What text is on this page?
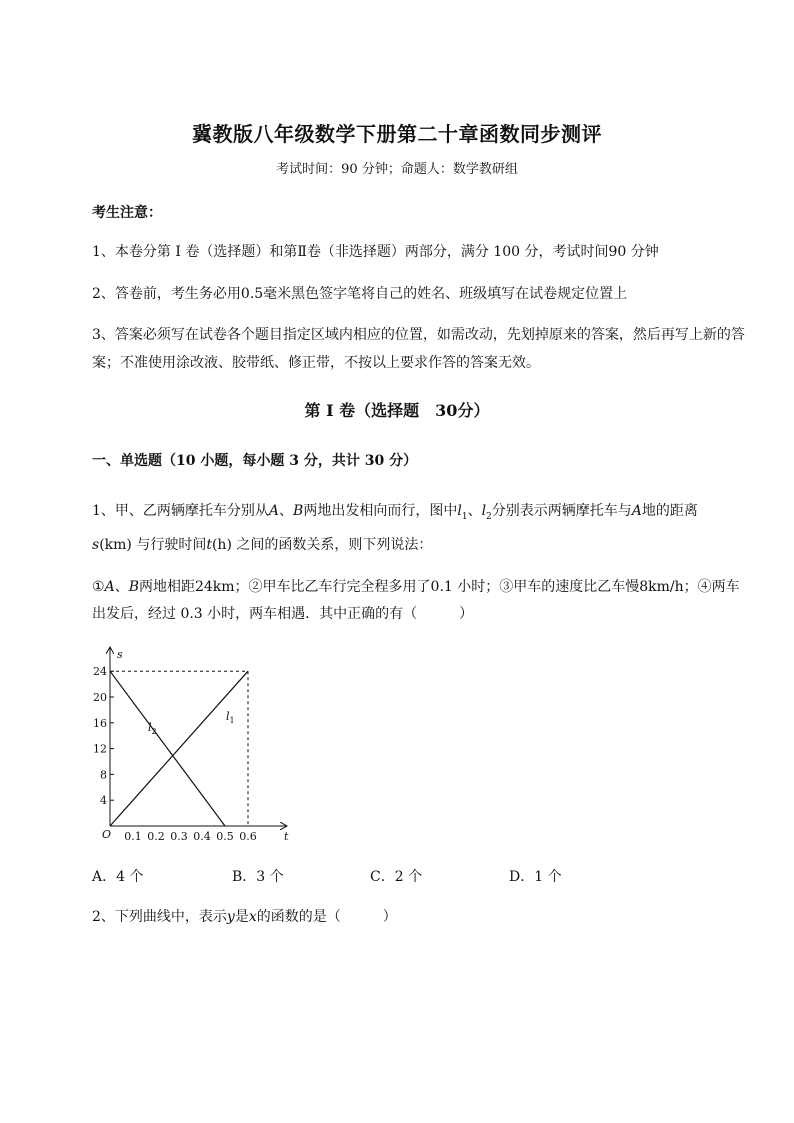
冀教版八年级数学下册第二十章函数同步测评
考试时间：90 分钟；命题人：数学教研组
考生注意：
1、本卷分第 I 卷（选择题）和第Ⅱ卷（非选择题）两部分，满分 100 分，考试时间90 分钟
2、答卷前，考生务必用0.5毫米黑色签字笔将自己的姓名、班级填写在试卷规定位置上
3、答案必须写在试卷各个题目指定区域内相应的位置，如需改动，先划掉原来的答案，然后再写上新的答案；不准使用涂改液、胶带纸、修正带，不按以上要求作答的答案无效。
第 I 卷（选择题　30分）
一、单选题（10 小题，每小题 3 分，共计 30 分）
1、甲、乙两辆摩托车分别从A、B两地出发相向而行，图中$l_1$、$l_2$分别表示两辆摩托车与A地的距离
s(km) 与行驶时间t(h) 之间的函数关系，则下列说法：
①A、B两地相距24km；②甲车比乙车行完全程多用了0.1 小时；③甲车的速度比乙车慢8km/h；④两车出发后，经过 0.3 小时，两车相遇．其中正确的有（　　　）
4
8
12
16
20
24
0.1 0.2 0.3 0.4 0.5 0.6
O	t
s
$l_2$
$l_1$
A．4 个	B．3 个	C．2 个	D．1 个
2、下列曲线中，表示y是x的函数的是（　　　）
